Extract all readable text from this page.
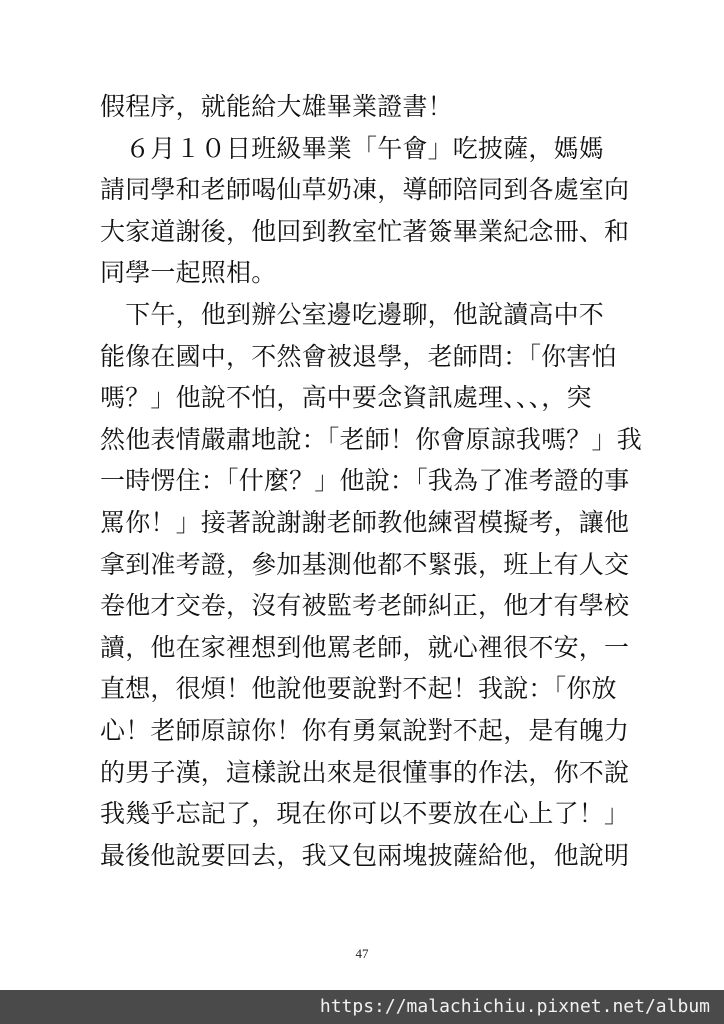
假程序，就能給大雄畢業證書！
　６月１０日班級畢業「午會」吃披薩，媽媽
請同學和老師喝仙草奶凍，導師陪同到各處室向
大家道謝後，他回到教室忙著簽畢業紀念冊、和
同學一起照相。
　下午，他到辦公室邊吃邊聊，他說讀高中不
能像在國中，不然會被退學，老師問：「你害怕
嗎？」他說不怕，高中要念資訊處理、、、，突
然他表情嚴肅地說：「老師！你會原諒我嗎？」我
一時愣住：「什麼？」他說：「我為了准考證的事
罵你！」接著說謝謝老師教他練習模擬考，讓他
拿到准考證，參加基測他都不緊張，班上有人交
卷他才交卷，沒有被監考老師糾正，他才有學校
讀，他在家裡想到他罵老師，就心裡很不安，一
直想，很煩！他說他要說對不起！我說：「你放
心！老師原諒你！你有勇氣說對不起，是有魄力
的男子漢，這樣說出來是很懂事的作法，你不說
我幾乎忘記了，現在你可以不要放在心上了！」
最後他說要回去，我又包兩塊披薩給他，他說明
47
https://malachichiu.pixnet.net/album
